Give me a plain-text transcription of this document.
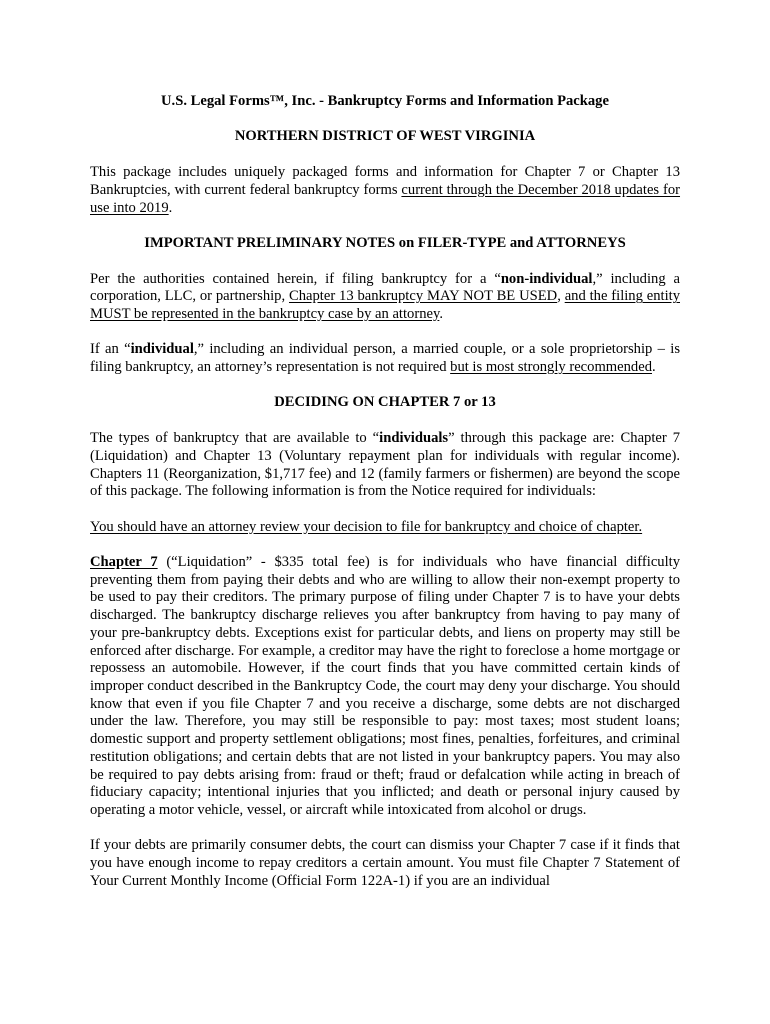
U.S. Legal Forms™, Inc. - Bankruptcy Forms and Information Package

NORTHERN DISTRICT OF WEST VIRGINIA

This package includes uniquely packaged forms and information for Chapter 7 or Chapter 13 Bankruptcies, with current federal bankruptcy forms current through the December 2018 updates for use into 2019.

IMPORTANT PRELIMINARY NOTES on FILER-TYPE and ATTORNEYS

Per the authorities contained herein, if filing bankruptcy for a “non-individual,” including a corporation, LLC, or partnership, Chapter 13 bankruptcy MAY NOT BE USED, and the filing entity MUST be represented in the bankruptcy case by an attorney.

If an “individual,” including an individual person, a married couple, or a sole proprietorship – is filing bankruptcy, an attorney’s representation is not required but is most strongly recommended.

DECIDING ON CHAPTER 7 or 13

The types of bankruptcy that are available to “individuals” through this package are: Chapter 7 (Liquidation) and Chapter 13 (Voluntary repayment plan for individuals with regular income). Chapters 11 (Reorganization, $1,717 fee) and 12 (family farmers or fishermen) are beyond the scope of this package. The following information is from the Notice required for individuals:

You should have an attorney review your decision to file for bankruptcy and choice of chapter.

Chapter 7 (“Liquidation” - $335 total fee) is for individuals who have financial difficulty preventing them from paying their debts and who are willing to allow their non-exempt property to be used to pay their creditors. The primary purpose of filing under Chapter 7 is to have your debts discharged. The bankruptcy discharge relieves you after bankruptcy from having to pay many of your pre-bankruptcy debts. Exceptions exist for particular debts, and liens on property may still be enforced after discharge. For example, a creditor may have the right to foreclose a home mortgage or repossess an automobile. However, if the court finds that you have committed certain kinds of improper conduct described in the Bankruptcy Code, the court may deny your discharge. You should know that even if you file Chapter 7 and you receive a discharge, some debts are not discharged under the law. Therefore, you may still be responsible to pay: most taxes; most student loans; domestic support and property settlement obligations; most fines, penalties, forfeitures, and criminal restitution obligations; and certain debts that are not listed in your bankruptcy papers. You may also be required to pay debts arising from: fraud or theft; fraud or defalcation while acting in breach of fiduciary capacity; intentional injuries that you inflicted; and death or personal injury caused by operating a motor vehicle, vessel, or aircraft while intoxicated from alcohol or drugs.

If your debts are primarily consumer debts, the court can dismiss your Chapter 7 case if it finds that you have enough income to repay creditors a certain amount. You must file Chapter 7 Statement of Your Current Monthly Income (Official Form 122A-1) if you are an individual
